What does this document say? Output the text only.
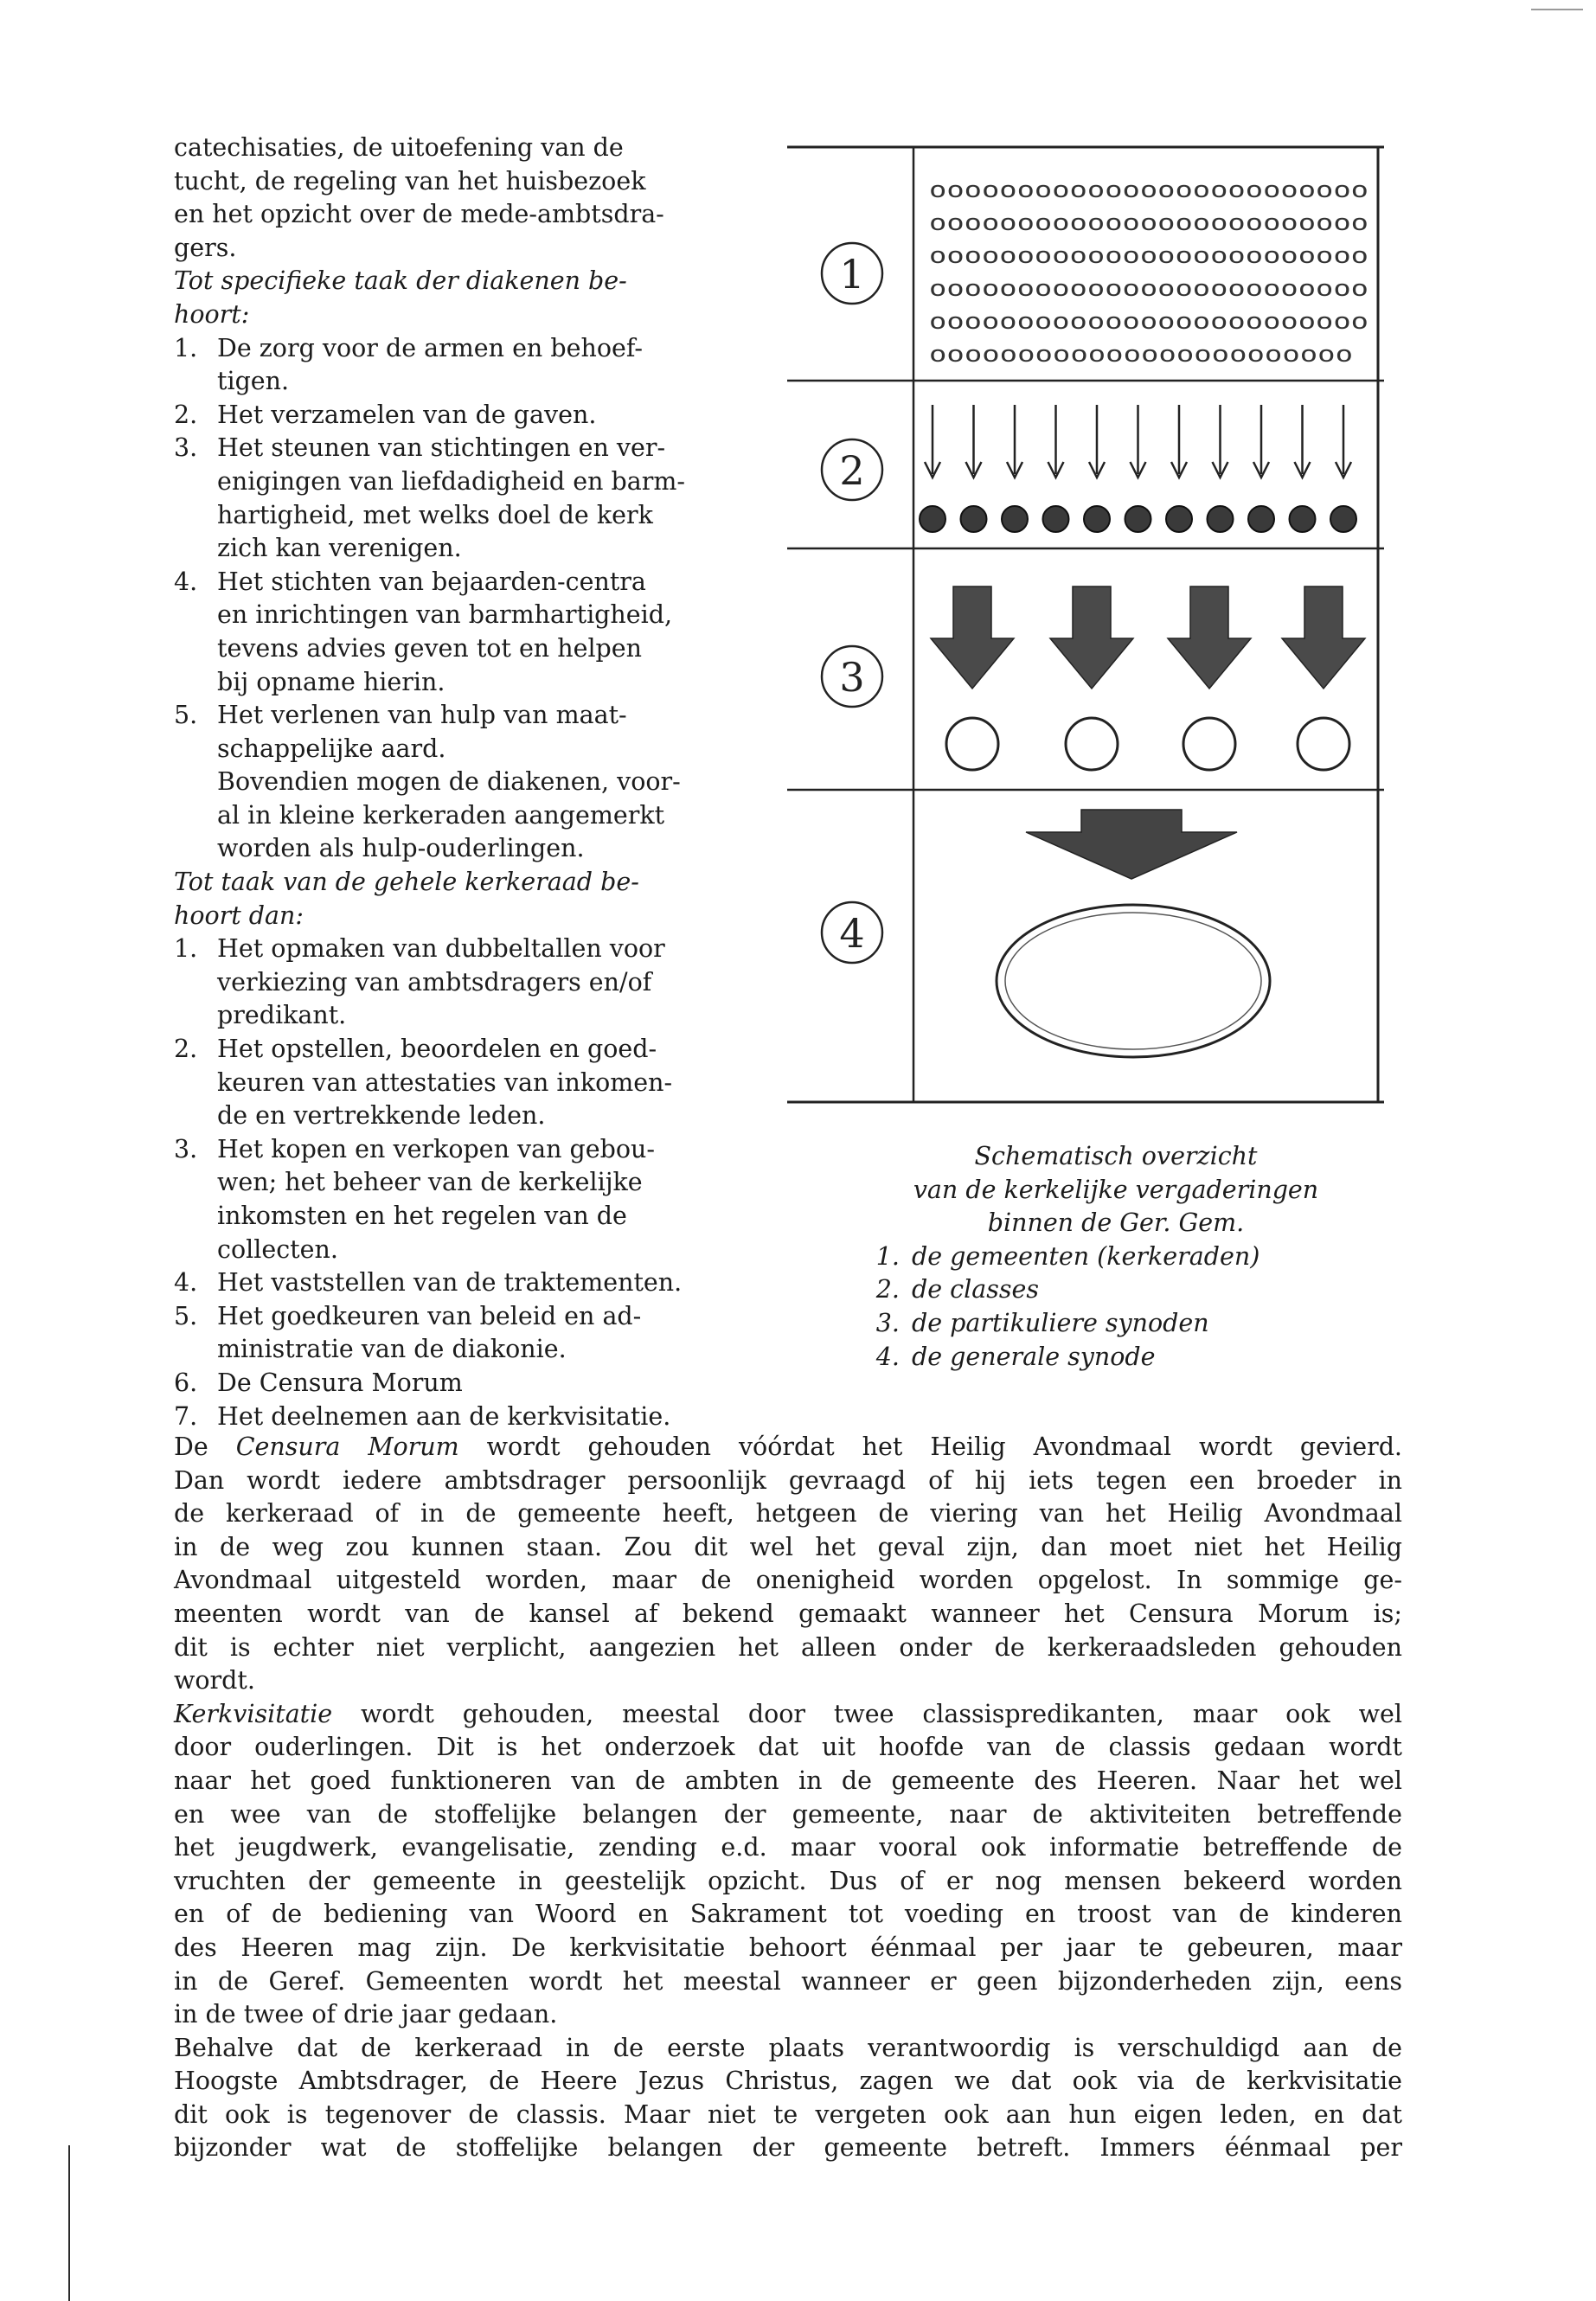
catechisaties, de uitoefening van de
tucht, de regeling van het huisbezoek
en het opzicht over de mede-ambtsdra-
gers.
Tot specifieke taak der diakenen be-
hoort:
1. De zorg voor de armen en behoef-
tigen.
2. Het verzamelen van de gaven.
3. Het steunen van stichtingen en ver-
enigingen van liefdadigheid en barm-
hartigheid, met welks doel de kerk
zich kan verenigen.
4. Het stichten van bejaarden-centra
en inrichtingen van barmhartigheid,
tevens advies geven tot en helpen
bij opname hierin.
5. Het verlenen van hulp van maat-
schappelijke aard.
Bovendien mogen de diakenen, voor-
al in kleine kerkeraden aangemerkt
worden als hulp-ouderlingen.
Tot taak van de gehele kerkeraad be-
hoort dan:
1. Het opmaken van dubbeltallen voor
verkiezing van ambtsdragers en/of
predikant.
2. Het opstellen, beoordelen en goed-
keuren van attestaties van inkomen-
de en vertrekkende leden.
3. Het kopen en verkopen van gebou-
wen; het beheer van de kerkelijke
inkomsten en het regelen van de
collecten.
4. Het vaststellen van de traktementen.
5. Het goedkeuren van beleid en ad-
ministratie van de diakonie.
6. De Censura Morum
7. Het deelnemen aan de kerkvisitatie.
1
2
3
4
ooooooooooooooooooooooooo
ooooooooooooooooooooooooo
ooooooooooooooooooooooooo
ooooooooooooooooooooooooo
ooooooooooooooooooooooooo
oooooooooooooooooooooooo
Schematisch overzicht
van de kerkelijke vergaderingen
binnen de Ger. Gem.
1. de gemeenten (kerkeraden)
2. de classes
3. de partikuliere synoden
4. de generale synode
De Censura Morum wordt gehouden vóórdat het Heilig Avondmaal wordt gevierd.
Dan wordt iedere ambtsdrager persoonlijk gevraagd of hij iets tegen een broeder in
de kerkeraad of in de gemeente heeft, hetgeen de viering van het Heilig Avondmaal
in de weg zou kunnen staan. Zou dit wel het geval zijn, dan moet niet het Heilig
Avondmaal uitgesteld worden, maar de onenigheid worden opgelost. In sommige ge-
meenten wordt van de kansel af bekend gemaakt wanneer het Censura Morum is;
dit is echter niet verplicht, aangezien het alleen onder de kerkeraadsleden gehouden
wordt.
Kerkvisitatie wordt gehouden, meestal door twee classispredikanten, maar ook wel
door ouderlingen. Dit is het onderzoek dat uit hoofde van de classis gedaan wordt
naar het goed funktioneren van de ambten in de gemeente des Heeren. Naar het wel
en wee van de stoffelijke belangen der gemeente, naar de aktiviteiten betreffende
het jeugdwerk, evangelisatie, zending e.d. maar vooral ook informatie betreffende de
vruchten der gemeente in geestelijk opzicht. Dus of er nog mensen bekeerd worden
en of de bediening van Woord en Sakrament tot voeding en troost van de kinderen
des Heeren mag zijn. De kerkvisitatie behoort éénmaal per jaar te gebeuren, maar
in de Geref. Gemeenten wordt het meestal wanneer er geen bijzonderheden zijn, eens
in de twee of drie jaar gedaan.
Behalve dat de kerkeraad in de eerste plaats verantwoordig is verschuldigd aan de
Hoogste Ambtsdrager, de Heere Jezus Christus, zagen we dat ook via de kerkvisitatie
dit ook is tegenover de classis. Maar niet te vergeten ook aan hun eigen leden, en dat
bijzonder wat de stoffelijke belangen der gemeente betreft. Immers éénmaal per
